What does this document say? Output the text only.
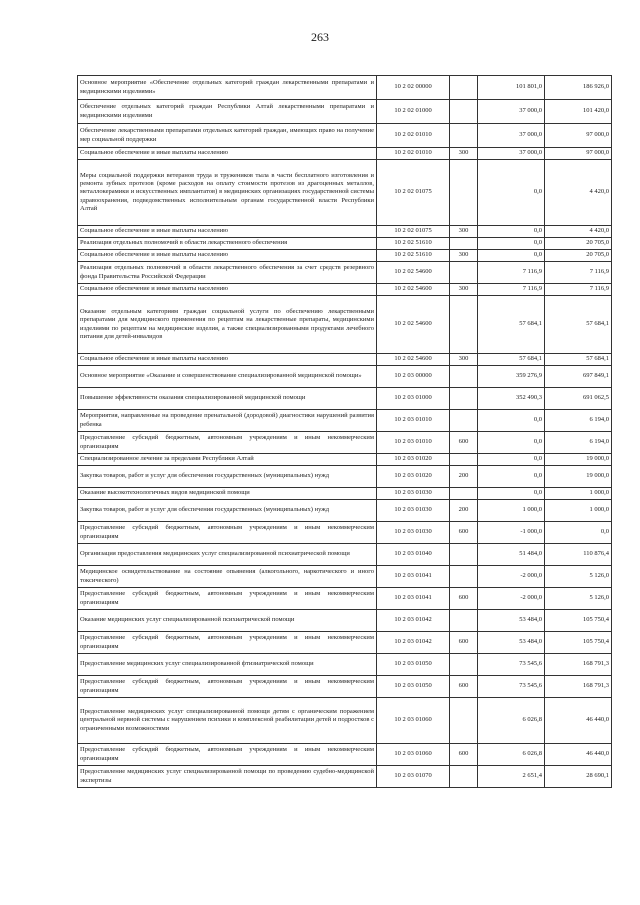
263
Основное мероприятие «Обеспечение отдельных категорий граждан лекарственными препаратами и медицинскими изделиями»	10 2 02 00000		101 801,0	186 926,0
Обеспечение отдельных категорий граждан Республики Алтай лекарственными препаратами и медицинскими изделиями	10 2 02 01000		37 000,0	101 420,0
Обеспечение лекарственными препаратами отдельных категорий граждан, имеющих право на получение мер социальной поддержки	10 2 02 01010		37 000,0	97 000,0
Социальное обеспечение и иные выплаты населению	10 2 02 01010	300	37 000,0	97 000,0
Меры социальной поддержки ветеранов труда и тружеников тыла в части бесплатного изготовления и ремонта зубных протезов (кроме расходов на оплату стоимости протезов из драгоценных металлов, металлокерамики и искусственных имплантатов) в медицинских организациях государственной системы здравоохранения, подведомственных исполнительным органам государственной власти Республики Алтай	10 2 02 01075		0,0	4 420,0
Социальное обеспечение и иные выплаты населению	10 2 02 01075	300	0,0	4 420,0
Реализация отдельных полномочий в области лекарственного обеспечения	10 2 02 51610		0,0	20 705,0
Социальное обеспечение и иные выплаты населению	10 2 02 51610	300	0,0	20 705,0
Реализация отдельных полномочий в области лекарственного обеспечения за счет средств резервного фонда Правительства Российской Федерации	10 2 02 54600		7 116,9	7 116,9
Социальное обеспечение и иные выплаты населению	10 2 02 54600	300	7 116,9	7 116,9
Оказание отдельным категориям граждан социальной услуги по обеспечению лекарственными препаратами для медицинского применения по рецептам на лекарственные препараты, медицинскими изделиями по рецептам на медицинские изделия, а также специализированными продуктами лечебного питания для детей-инвалидов	10 2 02 54600		57 684,1	57 684,1
Социальное обеспечение и иные выплаты населению	10 2 02 54600	300	57 684,1	57 684,1
Основное мероприятие «Оказание и совершенствование специализированной медицинской помощи»	10 2 03 00000		359 276,9	697 849,1
Повышение эффективности оказания специализированной медицинской помощи	10 2 03 01000		352 490,3	691 062,5
Мероприятия, направленные на проведение пренатальной (дородовой) диагностики нарушений развития ребенка	10 2 03 01010		0,0	6 194,0
Предоставление субсидий бюджетным, автономным учреждениям и иным некоммерческим организациям	10 2 03 01010	600	0,0	6 194,0
Специализированное лечение за пределами Республики Алтай	10 2 03 01020		0,0	19 000,0
Закупка товаров, работ и услуг для обеспечения государственных (муниципальных) нужд	10 2 03 01020	200	0,0	19 000,0
Оказание высокотехнологичных видов медицинской помощи	10 2 03 01030		0,0	1 000,0
Закупка товаров, работ и услуг для обеспечения государственных (муниципальных) нужд	10 2 03 01030	200	1 000,0	1 000,0
Предоставление субсидий бюджетным, автономным учреждениям и иным некоммерческим организациям	10 2 03 01030	600	-1 000,0	0,0
Организация предоставления медицинских услуг специализированной психиатрической помощи	10 2 03 01040		51 484,0	110 876,4
Медицинское освидетельствование на состояние опьянения (алкогольного, наркотического и иного токсического)	10 2 03 01041		-2 000,0	5 126,0
Предоставление субсидий бюджетным, автономным учреждениям и иным некоммерческим организациям	10 2 03 01041	600	-2 000,0	5 126,0
Оказание медицинских услуг специализированной психиатрической помощи	10 2 03 01042		53 484,0	105 750,4
Предоставление субсидий бюджетным, автономным учреждениям и иным некоммерческим организациям	10 2 03 01042	600	53 484,0	105 750,4
Предоставление медицинских услуг специализированной фтизиатрической помощи	10 2 03 01050		73 545,6	168 791,3
Предоставление субсидий бюджетным, автономным учреждениям и иным некоммерческим организациям	10 2 03 01050	600	73 545,6	168 791,3
Предоставление медицинских услуг специализированной помощи детям с органическим поражением центральной нервной системы с нарушением психики и комплексной реабилитации детей и подростков с ограниченными возможностями	10 2 03 01060		6 026,8	46 440,0
Предоставление субсидий бюджетным, автономным учреждениям и иным некоммерческим организациям	10 2 03 01060	600	6 026,8	46 440,0
Предоставление медицинских услуг специализированной помощи по проведению судебно-медицинской экспертизы	10 2 03 01070		2 651,4	28 690,1
